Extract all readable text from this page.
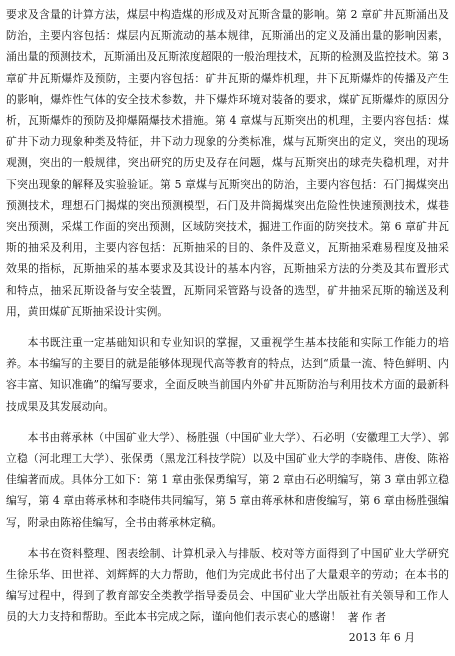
要求及含量的计算方法，煤层中构造煤的形成及对瓦斯含量的影响。第 2 章矿井瓦斯涌出及防治，主要内容包括：煤层内瓦斯流动的基本规律，瓦斯涌出的定义及涌出量的影响因素，涌出量的预测技术，瓦斯涌出及瓦斯浓度超限的一般治理技术，瓦斯的检测及监控技术。第 3 章矿井瓦斯爆炸及预防，主要内容包括：矿井瓦斯的爆炸机理，井下瓦斯爆炸的传播及产生的影响，爆炸性气体的安全技术参数，井下爆炸环境对装备的要求，煤矿瓦斯爆炸的原因分析，瓦斯爆炸的预防及抑爆隔爆技术措施。第 4 章煤与瓦斯突出的机理，主要内容包括：煤矿井下动力现象种类及特征，井下动力现象的分类标准，煤与瓦斯突出的定义，突出的现场观测，突出的一般规律，突出研究的历史及存在问题，煤与瓦斯突出的球壳失稳机理，对井下突出现象的解释及实验验证。第 5 章煤与瓦斯突出的防治，主要内容包括：石门揭煤突出预测技术，理想石门揭煤的突出预测模型，石门及井筒揭煤突出危险性快速预测技术，煤巷突出预测，采煤工作面的突出预测，区域防突技术，掘进工作面的防突技术。第 6 章矿井瓦斯的抽采及利用，主要内容包括：瓦斯抽采的目的、条件及意义，瓦斯抽采难易程度及抽采效果的指标，瓦斯抽采的基本要求及其设计的基本内容，瓦斯抽采方法的分类及其布置形式和特点，抽采瓦斯设备与安全装置，瓦斯同采管路与设备的选型，矿井抽采瓦斯的输送及利用，黄田煤矿瓦斯抽采设计实例。

本书既注重一定基础知识和专业知识的掌握，又重视学生基本技能和实际工作能力的培养。本书编写的主要目的就是能够体现现代高等教育的特点，达到“质量一流、特色鲜明、内容丰富、知识准确”的编写要求，全面反映当前国内外矿井瓦斯防治与利用技术方面的最新科技成果及其发展动向。

本书由蒋承林（中国矿业大学）、杨胜强（中国矿业大学）、石必明（安徽理工大学）、郭立稳（河北理工大学）、张保勇（黑龙江科技学院）以及中国矿业大学的李晓伟、唐俊、陈裕佳编著而成。具体分工如下：第 1 章由张保勇编写，第 2 章由石必明编写，第 3 章由郭立稳编写，第 4 章由蒋承林和李晓伟共同编写，第 5 章由蒋承林和唐俊编写，第 6 章由杨胜强编写，附录由陈裕佳编写，全书由蒋承林定稿。

本书在资料整理、图表绘制、计算机录入与排版、校对等方面得到了中国矿业大学研究生徐乐华、田世祥、刘辉辉的大力帮助，他们为完成此书付出了大量艰辛的劳动；在本书的编写过程中，得到了教育部安全类教学指导委员会、中国矿业大学出版社有关领导和工作人员的大力支持和帮助。至此本书完成之际，谨向他们表示衷心的感谢！ 著作者
2013 年 6 月
